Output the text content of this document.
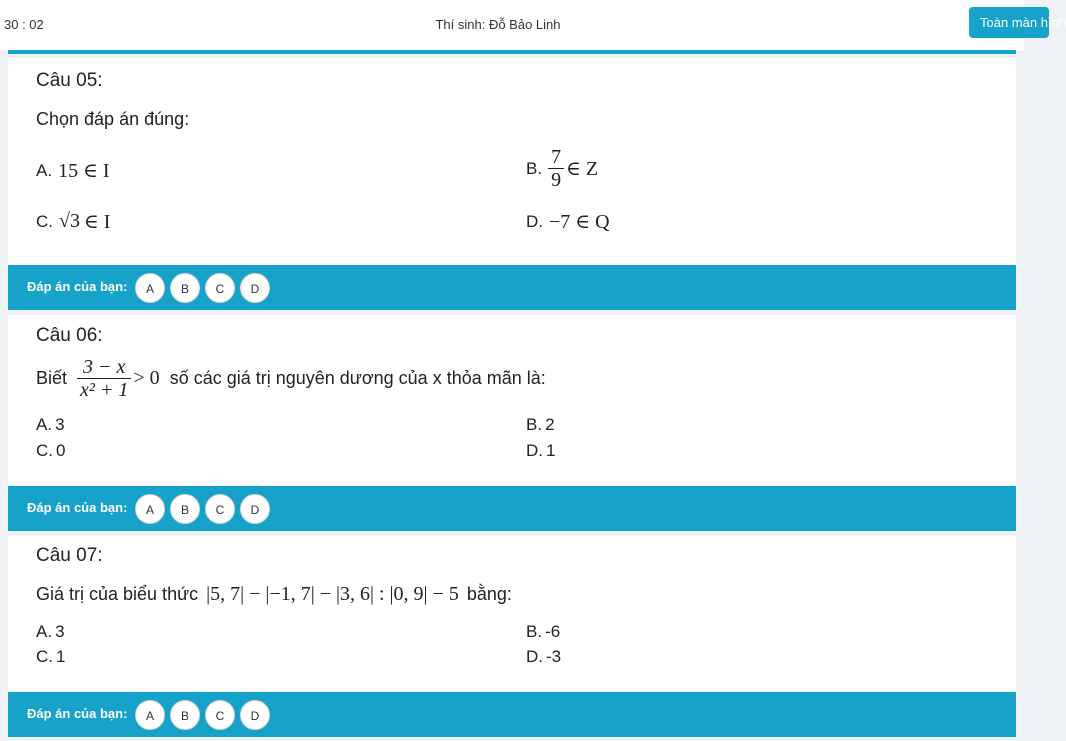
30 : 02	Thí sinh: Đỗ Bảo Linh	Toàn màn hình
Câu 05:
Chọn đáp án đúng:
A. 15 ∈ I	B. $\frac{7}{9}$ ∈ Z
C. √3 ∈ I	D. −7 ∈ Q
Đáp án của bạn:	A	B	C	D
Câu 06:
Biết $\frac{3 - x}{\text{x² + 1}} > 0$ số các giá trị nguyên dương của x thỏa mãn là:
A. 3	B. 2
C. 0	D. 1
Đáp án của bạn:	A	B	C	D
Câu 07:
Giá trị của biểu thức |5, 7| − |−1, 7| − |3, 6| : |0, 9| − 5 bằng:
A. 3	B. -6
C. 1	D. -3
Đáp án của bạn:	A	B	C	D
